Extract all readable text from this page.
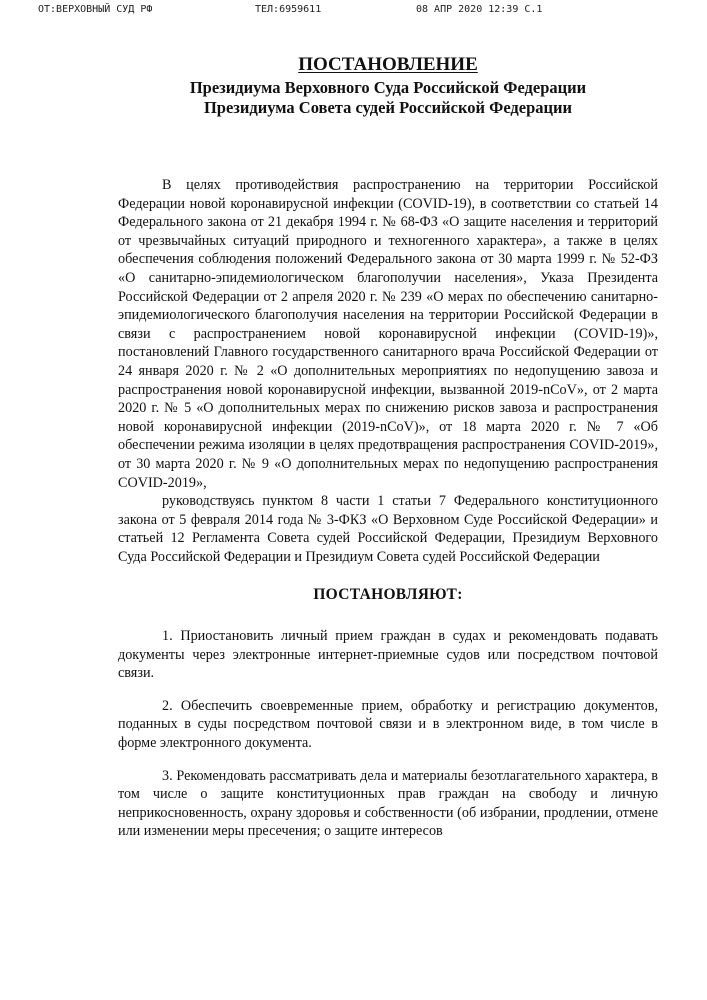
ОТ:ВЕРХОВНЫЙ СУД РФ	ТЕЛ:6959611	08 АПР 2020 12:39 С.1
ПОСТАНОВЛЕНИЕ
Президиума Верховного Суда Российской Федерации
Президиума Совета судей Российской Федерации

В целях противодействия распространению на территории Российской Федерации новой коронавирусной инфекции (COVID-19), в соответствии со статьей 14 Федерального закона от 21 декабря 1994 г. № 68-ФЗ «О защите населения и территорий от чрезвычайных ситуаций природного и техногенного характера», а также в целях обеспечения соблюдения положений Федерального закона от 30 марта 1999 г. № 52-ФЗ «О санитарно-эпидемиологическом благополучии населения», Указа Президента Российской Федерации от 2 апреля 2020 г. № 239 «О мерах по обеспечению санитарно-эпидемиологического благополучия населения на территории Российской Федерации в связи с распространением новой коронавирусной инфекции (COVID-19)», постановлений Главного государственного санитарного врача Российской Федерации от 24 января 2020 г. № 2 «О дополнительных мероприятиях по недопущению завоза и распространения новой коронавирусной инфекции, вызванной 2019-nCoV», от 2 марта 2020 г. № 5 «О дополнительных мерах по снижению рисков завоза и распространения новой коронавирусной инфекции (2019-nCoV)», от 18 марта 2020 г. № 7 «Об обеспечении режима изоляции в целях предотвращения распространения COVID-2019», от 30 марта 2020 г. № 9 «О дополнительных мерах по недопущению распространения COVID-2019»,

руководствуясь пунктом 8 части 1 статьи 7 Федерального конституционного закона от 5 февраля 2014 года № 3-ФКЗ «О Верховном Суде Российской Федерации» и статьей 12 Регламента Совета судей Российской Федерации, Президиум Верховного Суда Российской Федерации и Президиум Совета судей Российской Федерации

ПОСТАНОВЛЯЮТ:

1. Приостановить личный прием граждан в судах и рекомендовать подавать документы через электронные интернет-приемные судов или посредством почтовой связи.

2. Обеспечить своевременные прием, обработку и регистрацию документов, поданных в суды посредством почтовой связи и в электронном виде, в том числе в форме электронного документа.

3. Рекомендовать рассматривать дела и материалы безотлагательного характера, в том числе о защите конституционных прав граждан на свободу и личную неприкосновенность, охрану здоровья и собственности (об избрании, продлении, отмене или изменении меры пресечения; о защите интересов
